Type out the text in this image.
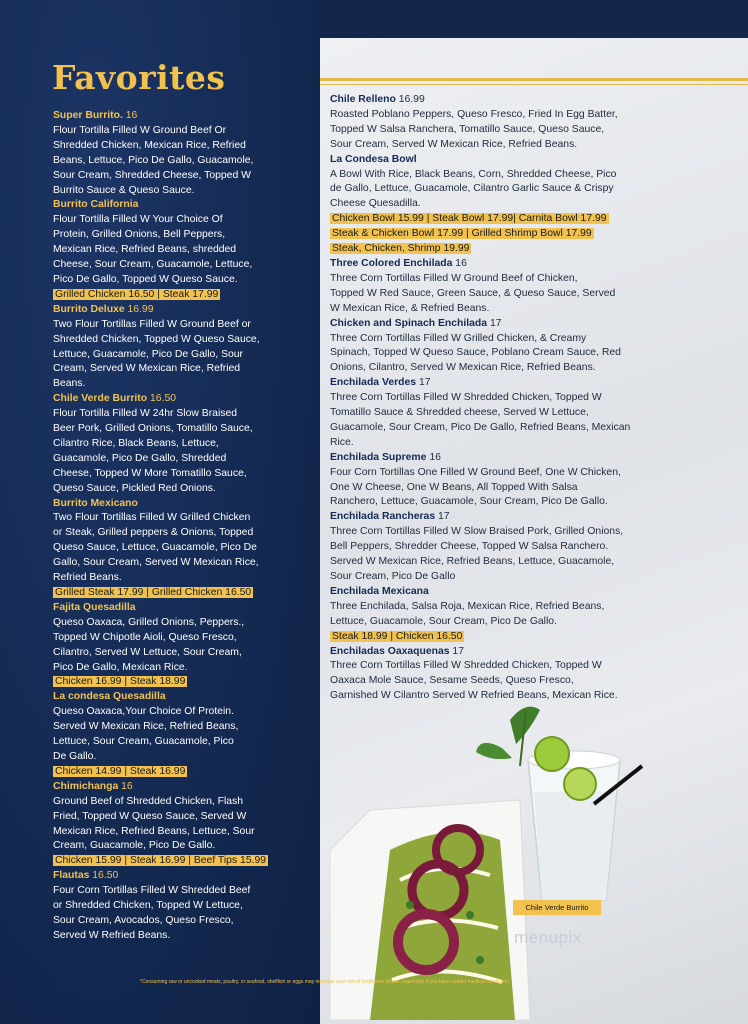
Favorites
Super Burrito. 16
Flour Tortilla Filled W Ground Beef Or
Shredded Chicken, Mexican Rice, Refried
Beans, Lettuce, Pico De Gallo, Guacamole,
Sour Cream, Shredded Cheese, Topped W
Burrito Sauce & Queso Sauce.
Burrito California
Flour Tortilla Filled W Your Choice Of
Protein, Grilled Onions, Bell Peppers,
Mexican Rice, Refried Beans, shredded
Cheese, Sour Cream, Guacamole, Lettuce,
Pico De Gallo, Topped W Queso Sauce.
Grilled Chicken 16.50 | Steak 17.99
Burrito Deluxe 16.99
Two Flour Tortillas Filled W Ground Beef or
Shredded Chicken, Topped W Queso Sauce,
Lettuce, Guacamole, Pico De Gallo, Sour
Cream, Served W Mexican Rice, Refried
Beans.
Chile Verde Burrito 16.50
Flour Tortilla Filled W 24hr Slow Braised
Beer Pork, Grilled Onions, Tomatillo Sauce,
Cilantro Rice, Black Beans, Lettuce,
Guacamole, Pico De Gallo, Shredded
Cheese, Topped W More Tomatillo Sauce,
Queso Sauce, Pickled Red Onions.
Burrito Mexicano
Two Flour Tortillas Filled W Grilled Chicken
or Steak, Grilled peppers & Onions, Topped
Queso Sauce, Lettuce, Guacamole, Pico De
Gallo, Sour Cream, Served W Mexican Rice,
Refried Beans.
Grilled Steak 17.99 | Grilled Chicken 16.50
Fajita Quesadilla
Queso Oaxaca, Grilled Onions, Peppers.,
Topped W Chipotle Aioli, Queso Fresco,
Cilantro, Served W Lettuce, Sour Cream,
Pico De Gallo, Mexican Rice.
Chicken 16.99 | Steak 18.99
La condesa Quesadilla
Queso Oaxaca,Your Choice Of Protein.
Served W Mexican Rice, Refried Beans,
Lettuce, Sour Cream, Guacamole, Pico
De Gallo.
Chicken 14.99 | Steak 16.99
Chimichanga 16
Ground Beef of Shredded Chicken, Flash
Fried, Topped W Queso Sauce, Served W
Mexican Rice, Refried Beans, Lettuce, Sour
Cream, Guacamole, Pico De Gallo.
Chicken 15.99 | Steak 16.99 | Beef Tips 15.99
Flautas 16.50
Four Corn Tortillas Filled W Shredded Beef
or Shredded Chicken, Topped W Lettuce,
Sour Cream, Avocados, Queso Fresco,
Served W Refried Beans.
Chile Relleno 16.99
Roasted Poblano Peppers, Queso Fresco, Fried In Egg Batter,
Topped W Salsa Ranchera, Tomatillo Sauce, Queso Sauce,
Sour Cream, Served W Mexican Rice, Refried Beans.
La Condesa Bowl
A Bowl With Rice, Black Beans, Corn, Shredded Cheese, Pico
de Gallo, Lettuce, Guacamole, Cilantro Garlic Sauce & Crispy
Cheese Quesadilla.
Chicken Bowl 15.99 | Steak Bowl 17.99| Carnita Bowl 17.99
Steak & Chicken Bowl 17.99 | Grilled Shrimp Bowl 17.99
Steak, Chicken, Shrimp 19.99
Three Colored Enchilada 16
Three Corn Tortillas Filled W Ground Beef of Chicken,
Topped W Red Sauce, Green Sauce, & Queso Sauce, Served
W Mexican Rice, & Refried Beans.
Chicken and Spinach Enchilada 17
Three Corn Tortillas Filled W Grilled Chicken, & Creamy
Spinach, Topped W Queso Sauce, Poblano Cream Sauce, Red
Onions, Cilantro, Served W Mexican Rice, Refried Beans.
Enchilada Verdes 17
Three Corn Tortillas Filled W Shredded Chicken, Topped W
Tomatillo Sauce & Shredded cheese, Served W Lettuce,
Guacamole, Sour Cream, Pico De Gallo, Refried Beans, Mexican
Rice.
Enchilada Supreme 16
Four Corn Tortillas One Filled W Ground Beef, One W Chicken,
One W Cheese, One W Beans, All Topped With Salsa
Ranchero, Lettuce, Guacamole, Sour Cream, Pico De Gallo.
Enchilada Rancheras 17
Three Corn Tortillas Filled W Slow Braised Pork, Grilled Onions,
Bell Peppers, Shredder Cheese, Topped W Salsa Ranchero.
Served W Mexican Rice, Refried Beans, Lettuce, Guacamole,
Sour Cream, Pico De Gallo
Enchilada Mexicana
Three Enchilada, Salsa Roja, Mexican Rice, Refried Beans,
Lettuce, Guacamole, Sour Cream, Pico De Gallo.
Steak 18.99 | Chicken 16.50
Enchiladas Oaxaquenas 17
Three Corn Tortillas Filled W Shredded Chicken, Topped W
Oaxaca Mole Sauce, Sesame Seeds, Queso Fresco,
Garnished W Cilantro Served W Refried Beans, Mexican Rice.
Chile Verde Burrito
menupix
*Consuming raw or uncooked meats, poultry, or seafood, shellfish or eggs may increase your risk of foodborne illness, especially if you have certain medical conditions.
